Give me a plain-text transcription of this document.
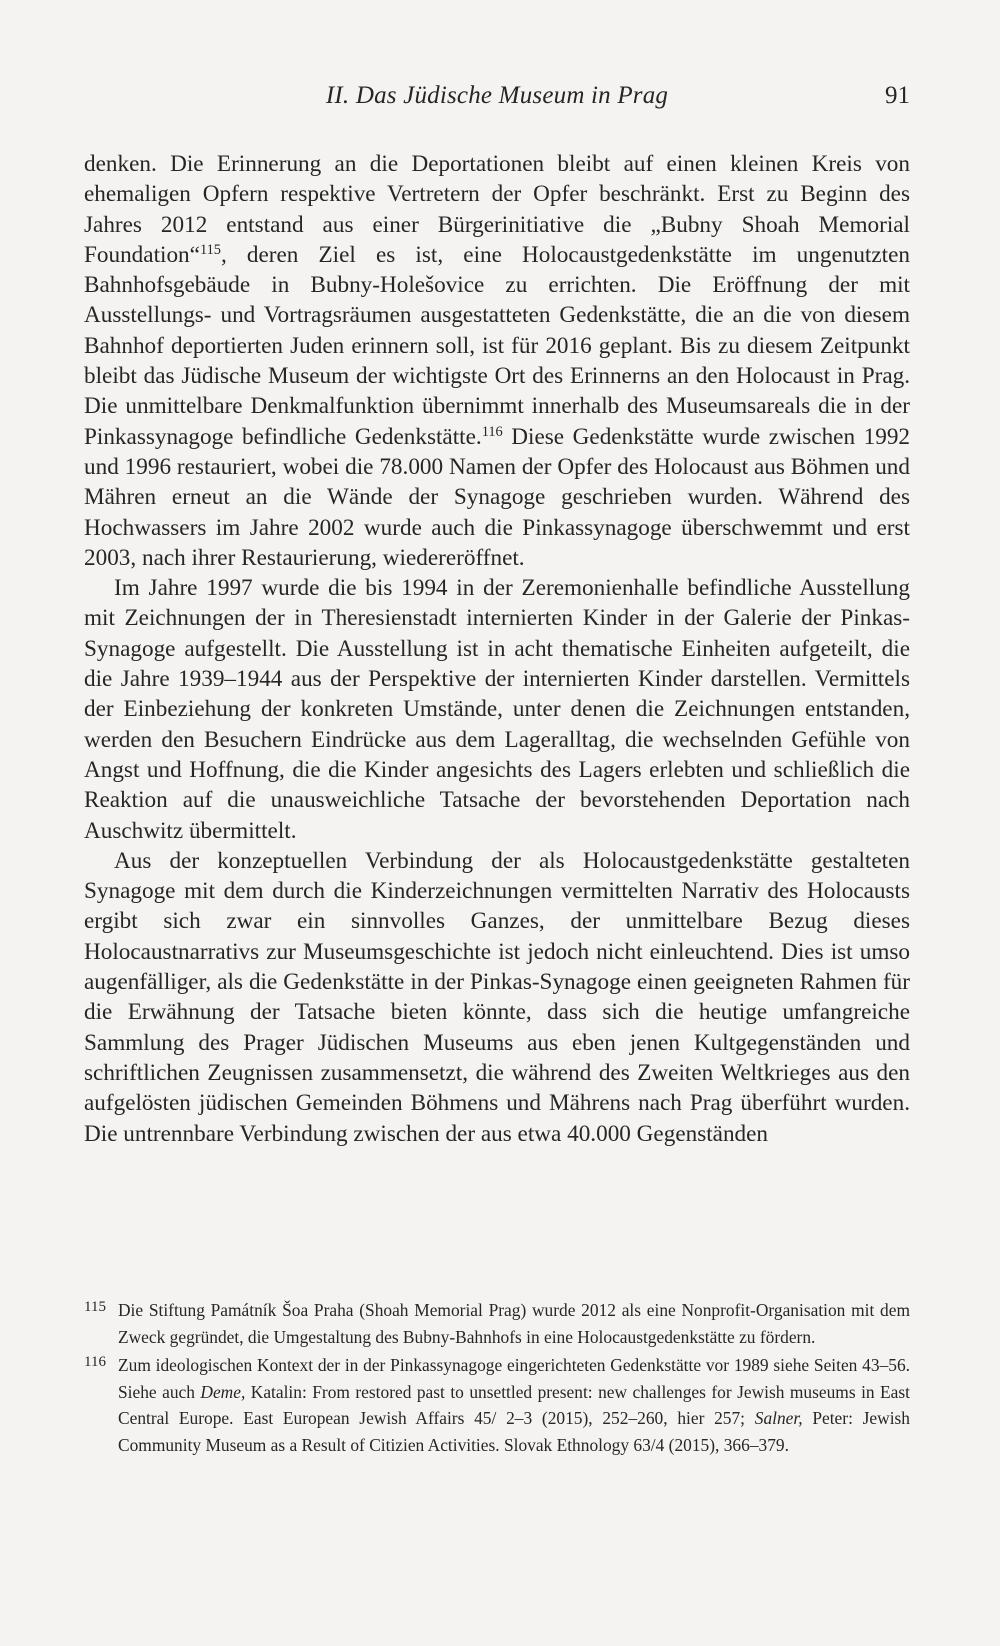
II. Das Jüdische Museum in Prag	91

denken. Die Erinnerung an die Deportationen bleibt auf einen kleinen Kreis von ehemaligen Opfern respektive Vertretern der Opfer beschränkt. Erst zu Beginn des Jahres 2012 entstand aus einer Bürgerinitiative die „Bubny Shoah Memorial Foundation“$^{115}$, deren Ziel es ist, eine Holocaustgedenkstätte im ungenutzten Bahnhofsgebäude in Bubny-Holešovice zu errichten. Die Eröffnung der mit Ausstellungs- und Vortragsräumen ausgestatteten Gedenkstätte, die an die von diesem Bahnhof deportierten Juden erinnern soll, ist für 2016 geplant. Bis zu diesem Zeitpunkt bleibt das Jüdische Museum der wichtigste Ort des Erinnerns an den Holocaust in Prag. Die unmittelbare Denkmalfunktion übernimmt innerhalb des Museumsareals die in der Pinkassynagoge befindliche Gedenkstätte.$^{116}$ Diese Gedenkstätte wurde zwischen 1992 und 1996 restauriert, wobei die 78.000 Namen der Opfer des Holocaust aus Böhmen und Mähren erneut an die Wände der Synagoge geschrieben wurden. Während des Hochwassers im Jahre 2002 wurde auch die Pinkassynagoge überschwemmt und erst 2003, nach ihrer Restaurierung, wiedereröffnet.

Im Jahre 1997 wurde die bis 1994 in der Zeremonienhalle befindliche Ausstellung mit Zeichnungen der in Theresienstadt internierten Kinder in der Galerie der Pinkas-Synagoge aufgestellt. Die Ausstellung ist in acht thematische Einheiten aufgeteilt, die die Jahre 1939–1944 aus der Perspektive der internierten Kinder darstellen. Vermittels der Einbeziehung der konkreten Umstände, unter denen die Zeichnungen entstanden, werden den Besuchern Eindrücke aus dem Lageralltag, die wechselnden Gefühle von Angst und Hoffnung, die die Kinder angesichts des Lagers erlebten und schließlich die Reaktion auf die unausweichliche Tatsache der bevorstehenden Deportation nach Auschwitz übermittelt.

Aus der konzeptuellen Verbindung der als Holocaustgedenkstätte gestalteten Synagoge mit dem durch die Kinderzeichnungen vermittelten Narrativ des Holocausts ergibt sich zwar ein sinnvolles Ganzes, der unmittelbare Bezug dieses Holocaustnarrativs zur Museumsgeschichte ist jedoch nicht einleuchtend. Dies ist umso augenfälliger, als die Gedenkstätte in der Pinkas-Synagoge einen geeigneten Rahmen für die Erwähnung der Tatsache bieten könnte, dass sich die heutige umfangreiche Sammlung des Prager Jüdischen Museums aus eben jenen Kultgegenständen und schriftlichen Zeugnissen zusammensetzt, die während des Zweiten Weltkrieges aus den aufgelösten jüdischen Gemeinden Böhmens und Mährens nach Prag überführt wurden. Die untrennbare Verbindung zwischen der aus etwa 40.000 Gegenständen

115 Die Stiftung Památník Šoa Praha (Shoah Memorial Prag) wurde 2012 als eine Nonprofit-Organisation mit dem Zweck gegründet, die Umgestaltung des Bubny-Bahnhofs in eine Holocaustgedenkstätte zu fördern.
116 Zum ideologischen Kontext der in der Pinkassynagoge eingerichteten Gedenkstätte vor 1989 siehe Seiten 43–56. Siehe auch Deme, Katalin: From restored past to unsettled present: new challenges for Jewish museums in East Central Europe. East European Jewish Affairs 45/ 2–3 (2015), 252–260, hier 257; Salner, Peter: Jewish Community Museum as a Result of Citizien Activities. Slovak Ethnology 63/4 (2015), 366–379.
